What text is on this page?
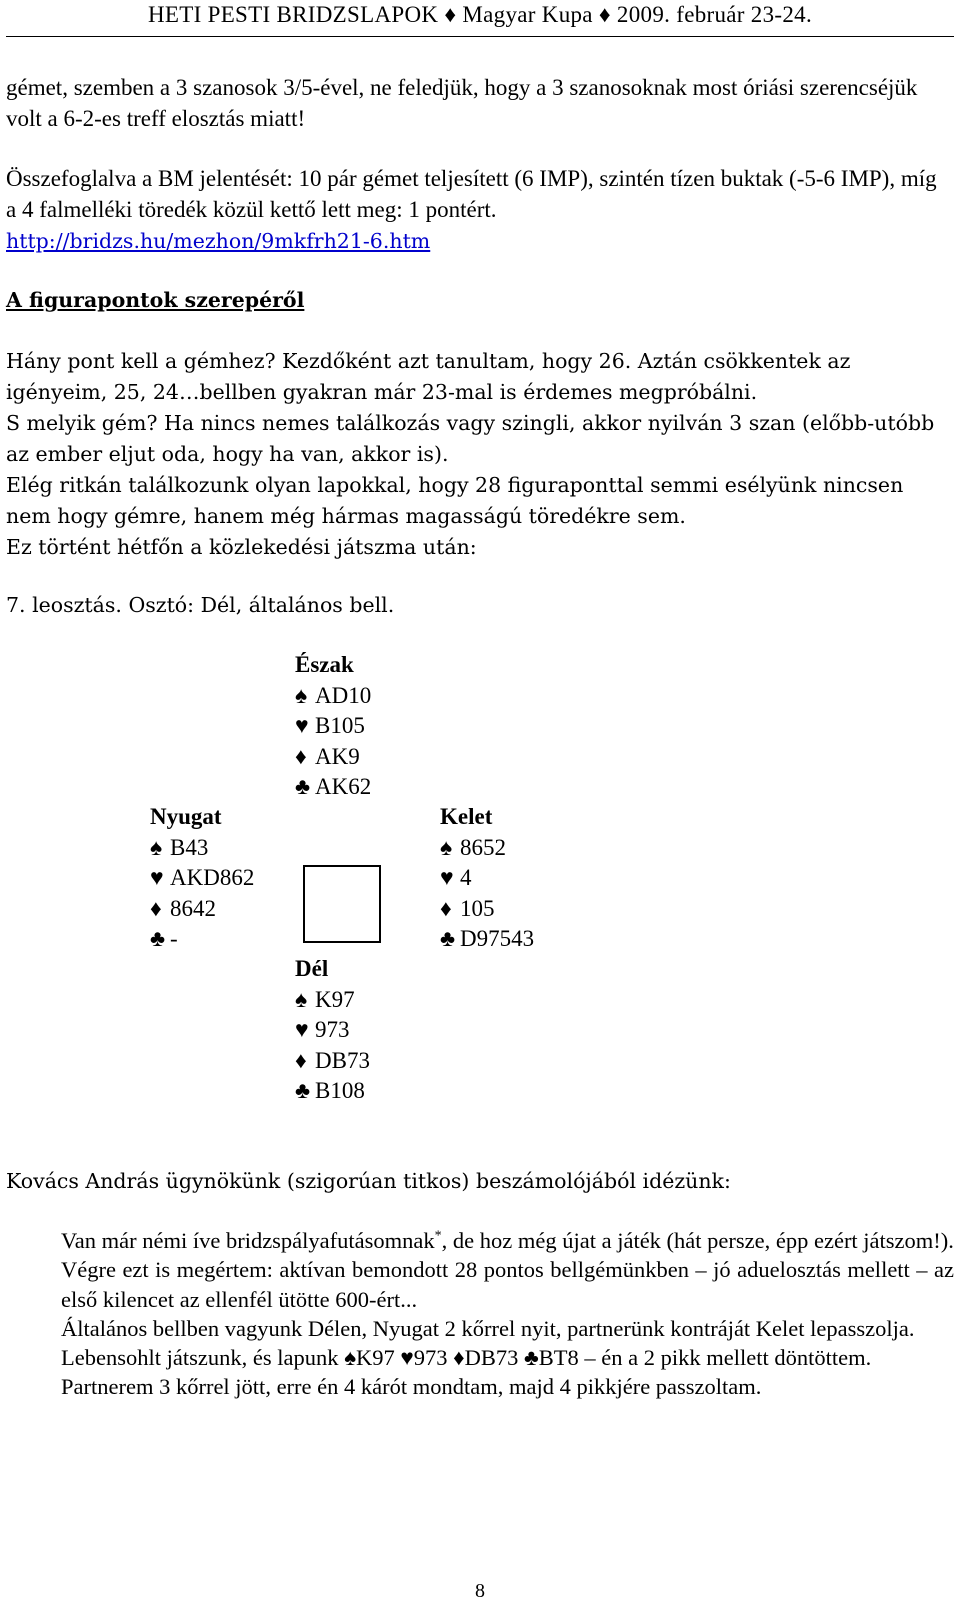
HETI PESTI BRIDZSLAPOK ♦ Magyar Kupa ♦ 2009. február 23-24.

gémet, szemben a 3 szanosok 3/5-ével, ne feledjük, hogy a 3 szanosoknak most óriási szerencséjük volt a 6-2-es treff elosztás miatt!

Összefoglalva a BM jelentését: 10 pár gémet teljesített (6 IMP), szintén tízen buktak (-5-6 IMP), míg a 4 falmelléki töredék közül kettő lett meg: 1 pontért.

http://bridzs.hu/mezhon/9mkfrh21-6.htm

A figurapontok szerepéről

Hány pont kell a gémhez? Kezdőként azt tanultam, hogy 26. Aztán csökkentek az igényeim, 25, 24…bellben gyakran már 23-mal is érdemes megpróbálni.

S melyik gém? Ha nincs nemes találkozás vagy szingli, akkor nyilván 3 szan (előbb-utóbb az ember eljut oda, hogy ha van, akkor is).

Elég ritkán találkozunk olyan lapokkal, hogy 28 figuraponttal semmi esélyünk nincsen nem hogy gémre, hanem még hármas magasságú töredékre sem.

Ez történt hétfőn a közlekedési játszma után:

7. leosztás. Osztó: Dél, általános bell.

Észak
♠ AD10
♥ B105
♦ AK9
♣ AK62
Nyugat
♠ B43
♥ AKD862
♦ 8642
♣ -
Kelet
♠ 8652
♥ 4
♦ 105
♣ D97543
Dél
♠ K97
♥ 973
♦ DB73
♣ B108

Kovács András ügynökünk (szigorúan titkos) beszámolójából idézünk:

Van már némi íve bridzspályafutásomnak*, de hoz még újat a játék (hát persze, épp ezért játszom!).

Végre ezt is megértem: aktívan bemondott 28 pontos bellgémünkben – jó aduelosztás mellett – az első kilencet az ellenfél ütötte 600-ért...

Általános bellben vagyunk Délen, Nyugat 2 kőrrel nyit, partnerünk kontráját Kelet lepasszolja.

Lebensohlt játszunk, és lapunk ♠K97 ♥973 ♦DB73 ♣BT8 – én a 2 pikk mellett döntöttem.

Partnerem 3 kőrrel jött, erre én 4 kárót mondtam, majd 4 pikkjére passzoltam.

8
